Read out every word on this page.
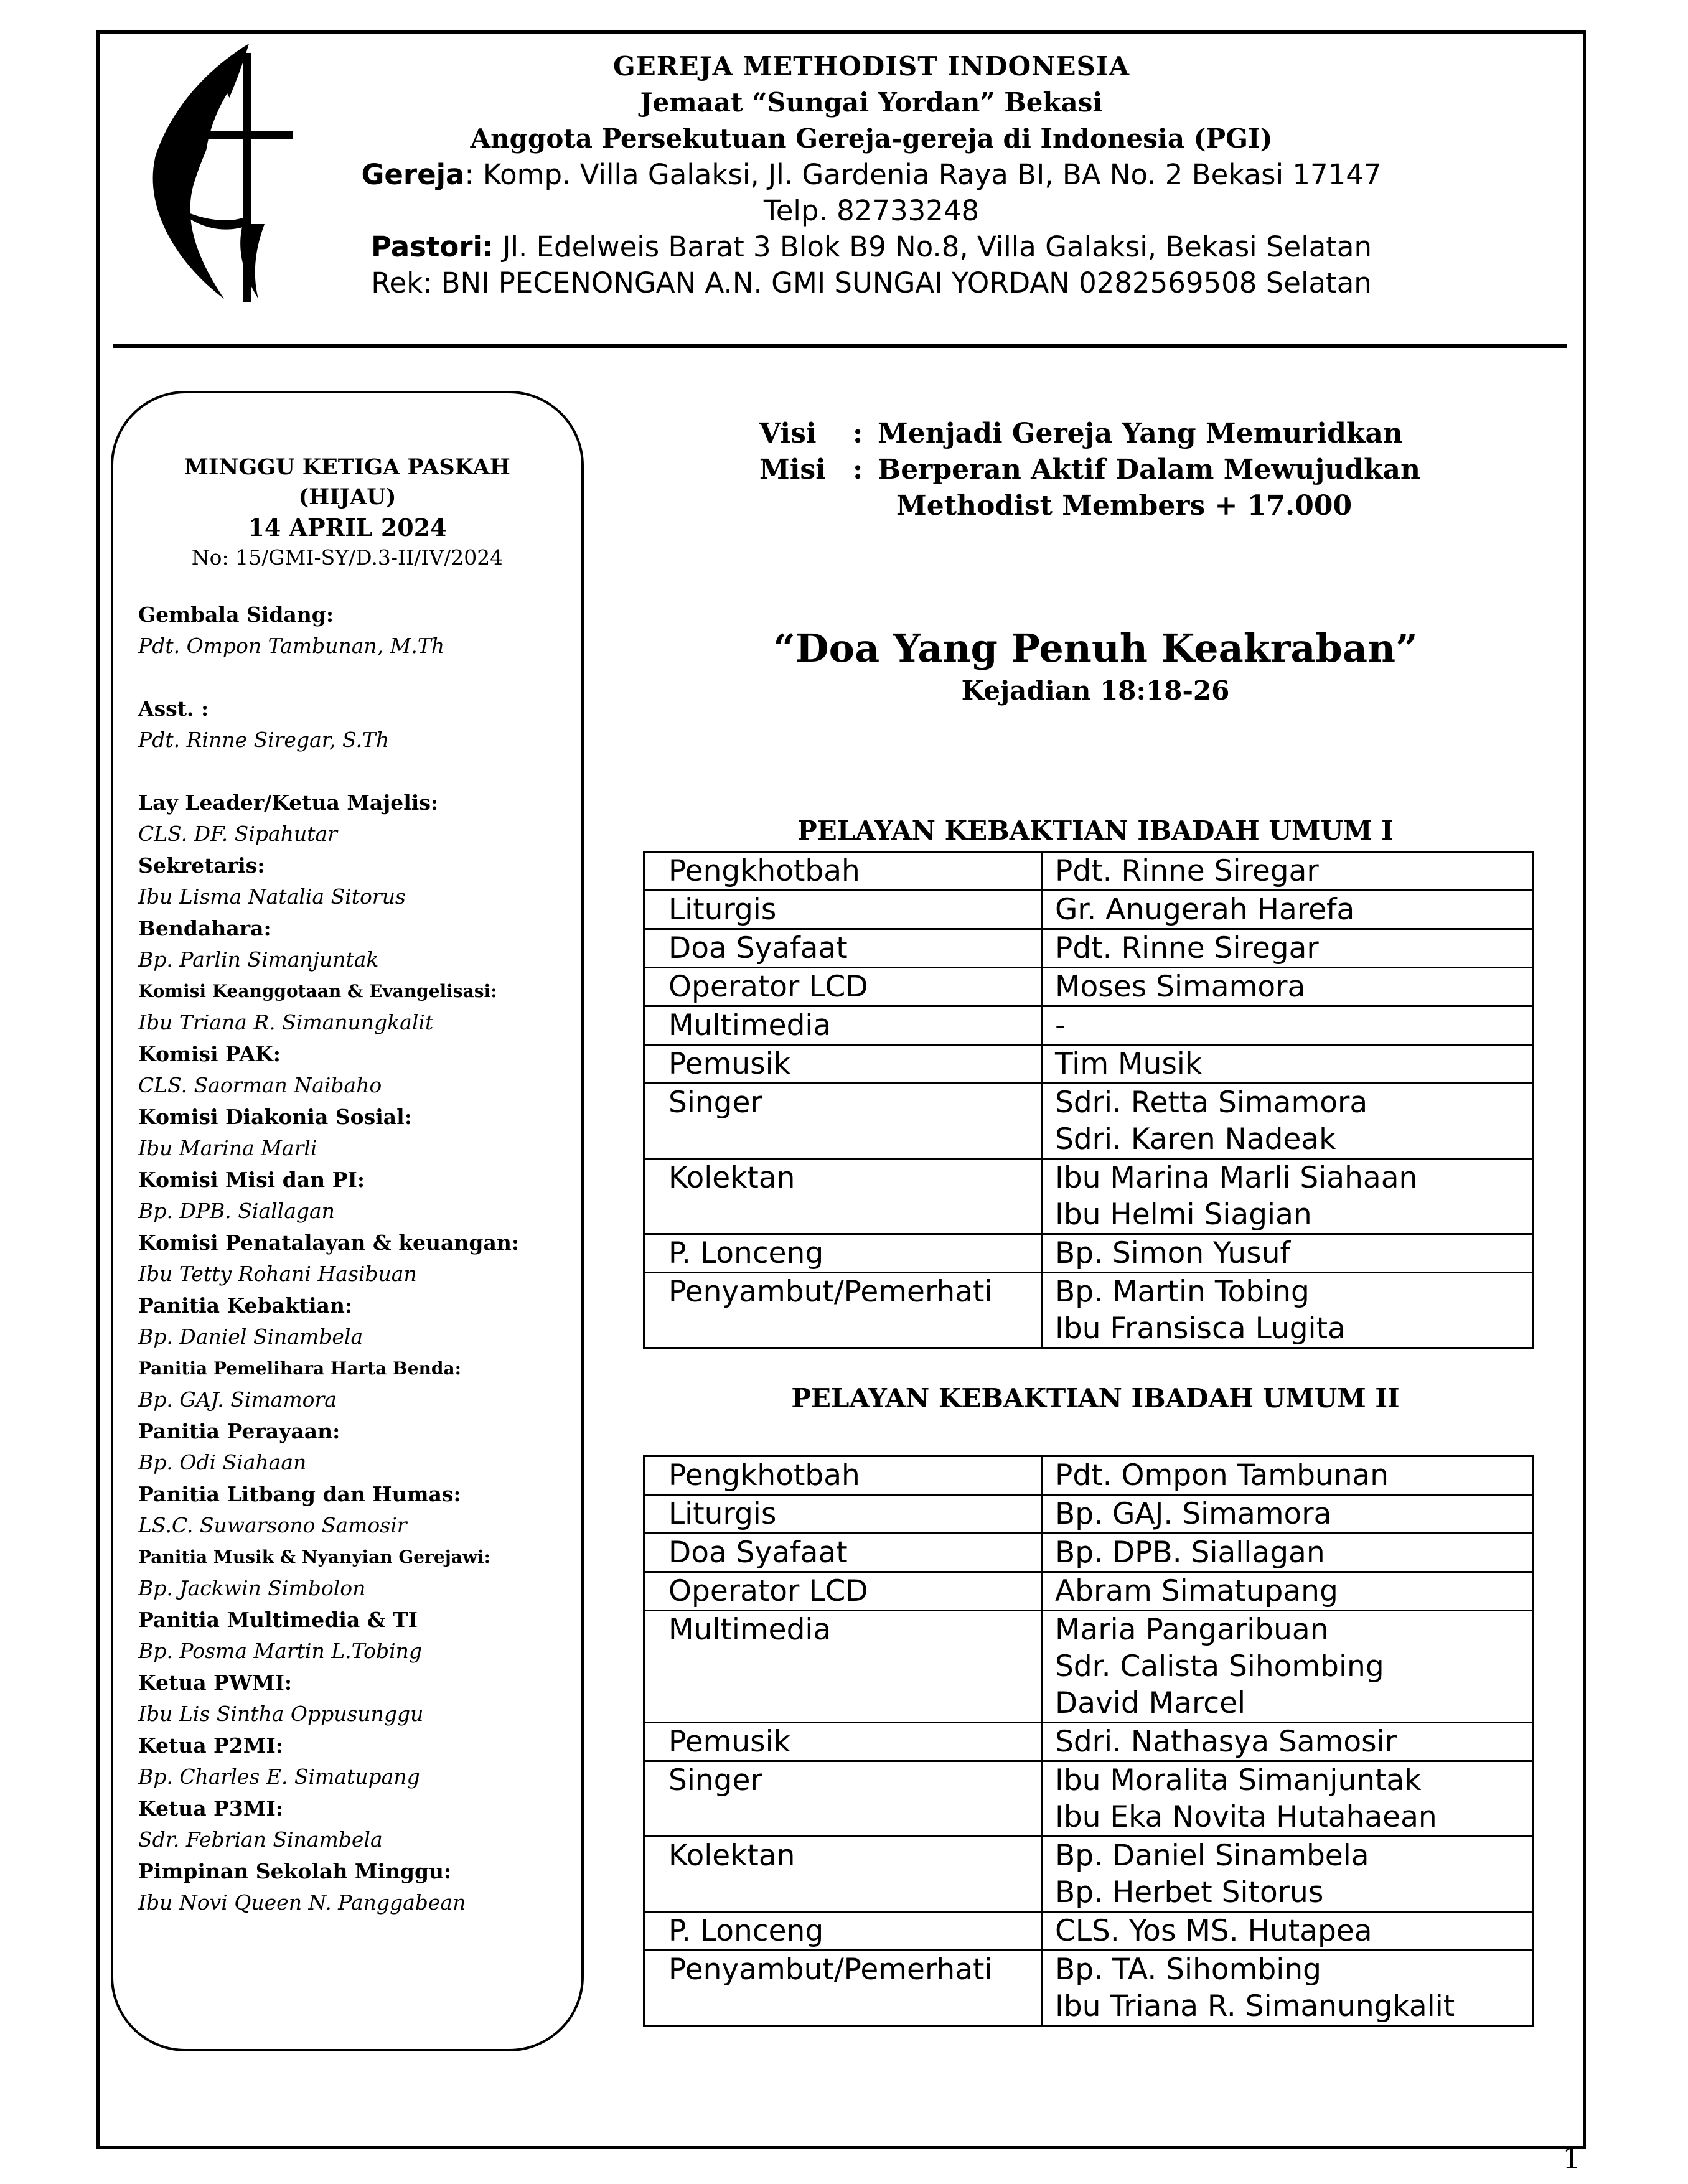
GEREJA METHODIST INDONESIA
Jemaat “Sungai Yordan” Bekasi
Anggota Persekutuan Gereja-gereja di Indonesia (PGI)
Gereja: Komp. Villa Galaksi, Jl. Gardenia Raya BI, BA No. 2 Bekasi 17147
Telp. 82733248
Pastori: Jl. Edelweis Barat 3 Blok B9 No.8, Villa Galaksi, Bekasi Selatan
Rek: BNI PECENONGAN A.N. GMI SUNGAI YORDAN 0282569508 Selatan
MINGGU KETIGA PASKAH
(HIJAU)
14 APRIL 2024
No: 15/GMI-SY/D.3-II/IV/2024
Gembala Sidang:
Pdt. Ompon Tambunan, M.Th
Asst. :
Pdt. Rinne Siregar, S.Th
Lay Leader/Ketua Majelis:
CLS. DF. Sipahutar
Sekretaris:
Ibu Lisma Natalia Sitorus
Bendahara:
Bp. Parlin Simanjuntak
Komisi Keanggotaan & Evangelisasi:
Ibu Triana R. Simanungkalit
Komisi PAK:
CLS. Saorman Naibaho
Komisi Diakonia Sosial:
Ibu Marina Marli
Komisi Misi dan PI:
Bp. DPB. Siallagan
Komisi Penatalayan & keuangan:
Ibu Tetty Rohani Hasibuan
Panitia Kebaktian:
Bp. Daniel Sinambela
Panitia Pemelihara Harta Benda:
Bp. GAJ. Simamora
Panitia Perayaan:
Bp. Odi Siahaan
Panitia Litbang dan Humas:
LS.C. Suwarsono Samosir
Panitia Musik & Nyanyian Gerejawi:
Bp. Jackwin Simbolon
Panitia Multimedia & TI
Bp. Posma Martin L.Tobing
Ketua PWMI:
Ibu Lis Sintha Oppusunggu
Ketua P2MI:
Bp. Charles E. Simatupang
Ketua P3MI:
Sdr. Febrian Sinambela
Pimpinan Sekolah Minggu:
Ibu Novi Queen N. Panggabean
Visi	: Menjadi Gereja Yang Memuridkan
Misi : Berperan Aktif Dalam Mewujudkan
Methodist Members + 17.000
“Doa Yang Penuh Keakraban”
Kejadian 18:18-26
PELAYAN KEBAKTIAN IBADAH UMUM I
Pengkhotbah	Pdt. Rinne Siregar

Liturgis	Gr. Anugerah Harefa

Doa Syafaat	Pdt. Rinne Siregar

Operator LCD	Moses Simamora

Multimedia	-

Pemusik	Tim Musik

Singer	Sdri. Retta Simamora
Sdri. Karen Nadeak

Kolektan	Ibu Marina Marli Siahaan
Ibu Helmi Siagian

P. Lonceng	Bp. Simon Yusuf

Penyambut/Pemerhati	Bp. Martin Tobing
Ibu Fransisca Lugita
PELAYAN KEBAKTIAN IBADAH UMUM II
Pengkhotbah	Pdt. Ompon Tambunan

Liturgis	Bp. GAJ. Simamora

Doa Syafaat	Bp. DPB. Siallagan

Operator LCD	Abram Simatupang

Multimedia	Maria Pangaribuan
Sdr. Calista Sihombing
David Marcel

Pemusik	Sdri. Nathasya Samosir

Singer	Ibu Moralita Simanjuntak
Ibu Eka Novita Hutahaean

Kolektan	Bp. Daniel Sinambela
Bp. Herbet Sitorus

P. Lonceng	CLS. Yos MS. Hutapea

Penyambut/Pemerhati	Bp. TA. Sihombing
Ibu Triana R. Simanungkalit
1
